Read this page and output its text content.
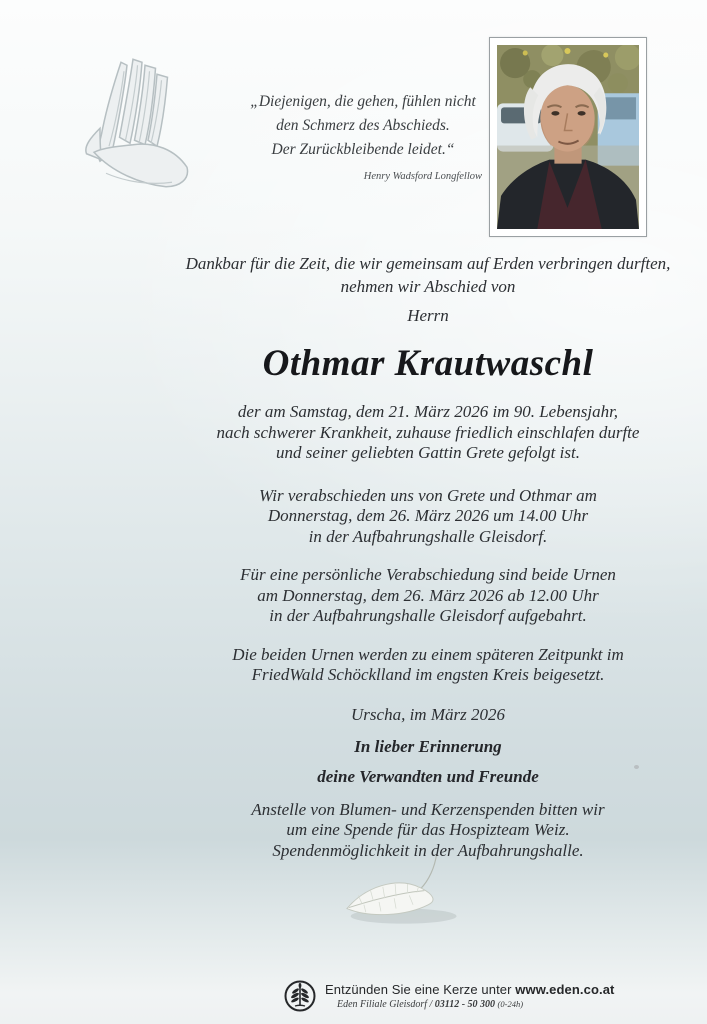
„Diejenigen, die gehen, fühlen nicht
den Schmerz des Abschieds.
Der Zurückbleibende leidet.“
Henry Wadsford Longfellow
Dankbar für die Zeit, die wir gemeinsam auf Erden verbringen durften,
nehmen wir Abschied von
Herrn
Othmar Krautwaschl
der am Samstag, dem 21. März 2026 im 90. Lebensjahr,
nach schwerer Krankheit, zuhause friedlich einschlafen durfte
und seiner geliebten Gattin Grete gefolgt ist.
Wir verabschieden uns von Grete und Othmar am
Donnerstag, dem 26. März 2026 um 14.00 Uhr
in der Aufbahrungshalle Gleisdorf.
Für eine persönliche Verabschiedung sind beide Urnen
am Donnerstag, dem 26. März 2026 ab 12.00 Uhr
in der Aufbahrungshalle Gleisdorf aufgebahrt.
Die beiden Urnen werden zu einem späteren Zeitpunkt im
FriedWald Schöcklland im engsten Kreis beigesetzt.
Urscha, im März 2026
In lieber Erinnerung
deine Verwandten und Freunde
Anstelle von Blumen- und Kerzenspenden bitten wir
um eine Spende für das Hospizteam Weiz.
Spendenmöglichkeit in der Aufbahrungshalle.
Entzünden Sie eine Kerze unter www.eden.co.at
Eden Filiale Gleisdorf / 03112 - 50 300 (0-24h)
